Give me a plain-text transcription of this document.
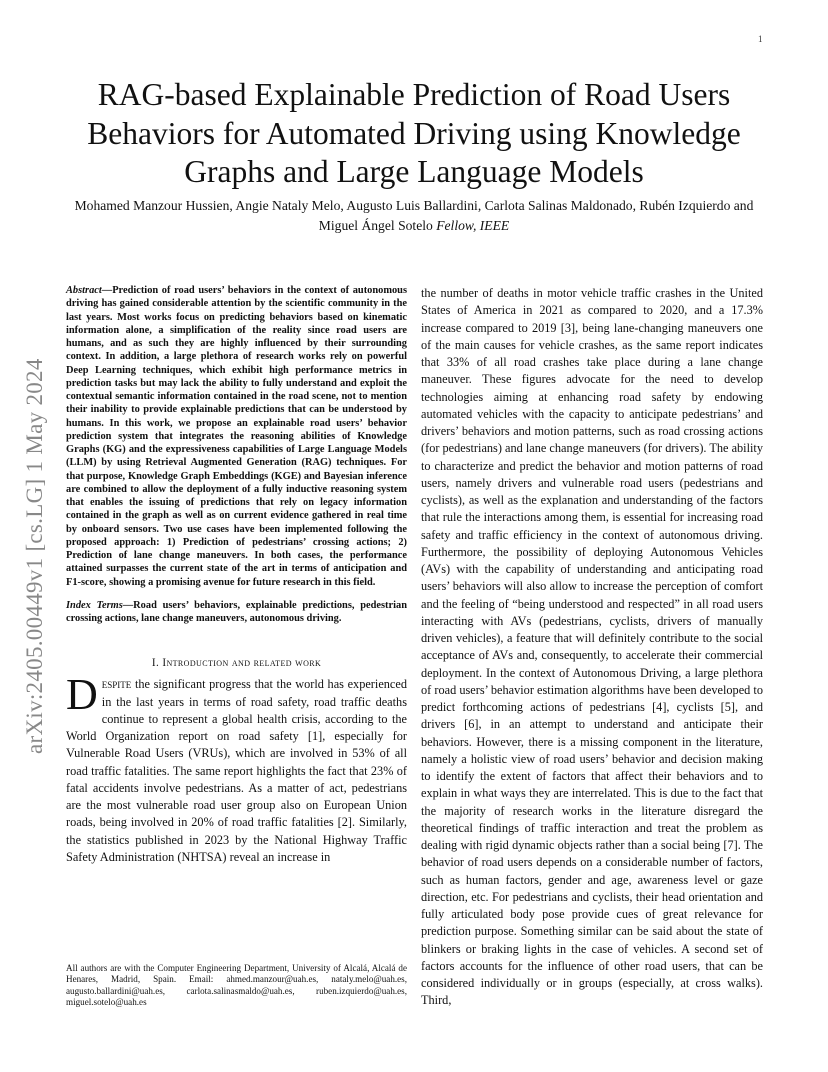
1
arXiv:2405.00449v1 [cs.LG] 1 May 2024
RAG-based Explainable Prediction of Road Users Behaviors for Automated Driving using Knowledge Graphs and Large Language Models
Mohamed Manzour Hussien, Angie Nataly Melo, Augusto Luis Ballardini, Carlota Salinas Maldonado, Rubén Izquierdo and Miguel Ángel Sotelo Fellow, IEEE

Abstract—Prediction of road users’ behaviors in the context of autonomous driving has gained considerable attention by the scientific community in the last years. Most works focus on predicting behaviors based on kinematic information alone, a simplification of the reality since road users are humans, and as such they are highly influenced by their surrounding context. In addition, a large plethora of research works rely on powerful Deep Learning techniques, which exhibit high performance metrics in prediction tasks but may lack the ability to fully understand and exploit the contextual semantic information contained in the road scene, not to mention their inability to provide explainable predictions that can be understood by humans. In this work, we propose an explainable road users’ behavior prediction system that integrates the reasoning abilities of Knowledge Graphs (KG) and the expressiveness capabilities of Large Language Models (LLM) by using Retrieval Augmented Generation (RAG) techniques. For that purpose, Knowledge Graph Embeddings (KGE) and Bayesian inference are combined to allow the deployment of a fully inductive reasoning system that enables the issuing of predictions that rely on legacy information contained in the graph as well as on current evidence gathered in real time by onboard sensors. Two use cases have been implemented following the proposed approach: 1) Prediction of pedestrians’ crossing actions; 2) Prediction of lane change maneuvers. In both cases, the performance attained surpasses the current state of the art in terms of anticipation and F1-score, showing a promising avenue for future research in this field.

Index Terms—Road users’ behaviors, explainable predictions, pedestrian crossing actions, lane change maneuvers, autonomous driving.

I. Introduction and related work

Despite the significant progress that the world has experienced in the last years in terms of road safety, road traffic deaths continue to represent a global health crisis, according to the World Organization report on road safety [1], especially for Vulnerable Road Users (VRUs), which are involved in 53% of all road traffic fatalities. The same report highlights the fact that 23% of fatal accidents involve pedestrians. As a matter of act, pedestrians are the most vulnerable road user group also on European Union roads, being involved in 20% of road traffic fatalities [2]. Similarly, the statistics published in 2023 by the National Highway Traffic Safety Administration (NHTSA) reveal an increase in

All authors are with the Computer Engineering Department, University of Alcalá, Alcalá de Henares, Madrid, Spain. Email: ahmed.manzour@uah.es, nataly.melo@uah.es, augusto.ballardini@uah.es, carlota.salinasmaldo@uah.es, ruben.izquierdo@uah.es, miguel.sotelo@uah.es

the number of deaths in motor vehicle traffic crashes in the United States of America in 2021 as compared to 2020, and a 17.3% increase compared to 2019 [3], being lane-changing maneuvers one of the main causes for vehicle crashes, as the same report indicates that 33% of all road crashes take place during a lane change maneuver. These figures advocate for the need to develop technologies aiming at enhancing road safety by endowing automated vehicles with the capacity to anticipate pedestrians’ and drivers’ behaviors and motion patterns, such as road crossing actions (for pedestrians) and lane change maneuvers (for drivers). The ability to characterize and predict the behavior and motion patterns of road users, namely drivers and vulnerable road users (pedestrians and cyclists), as well as the explanation and understanding of the factors that rule the interactions among them, is essential for increasing road safety and traffic efficiency in the context of autonomous driving. Furthermore, the possibility of deploying Autonomous Vehicles (AVs) with the capability of understanding and anticipating road users’ behaviors will also allow to increase the perception of comfort and the feeling of “being understood and respected” in all road users interacting with AVs (pedestrians, cyclists, drivers of manually driven vehicles), a feature that will definitely contribute to the social acceptance of AVs and, consequently, to accelerate their commercial deployment. In the context of Autonomous Driving, a large plethora of road users’ behavior estimation algorithms have been developed to predict forthcoming actions of pedestrians [4], cyclists [5], and drivers [6], in an attempt to understand and anticipate their behaviors. However, there is a missing component in the literature, namely a holistic view of road users’ behavior and decision making to identify the extent of factors that affect their behaviors and to explain in what ways they are interrelated. This is due to the fact that the majority of research works in the literature disregard the theoretical findings of traffic interaction and treat the problem as dealing with rigid dynamic objects rather than a social being [7]. The behavior of road users depends on a considerable number of factors, such as human factors, gender and age, awareness level or gaze direction, etc. For pedestrians and cyclists, their head orientation and fully articulated body pose provide cues of great relevance for prediction purpose. Something similar can be said about the state of blinkers or braking lights in the case of vehicles. A second set of factors accounts for the influence of other road users, that can be considered individually or in groups (especially, at cross walks). Third,
